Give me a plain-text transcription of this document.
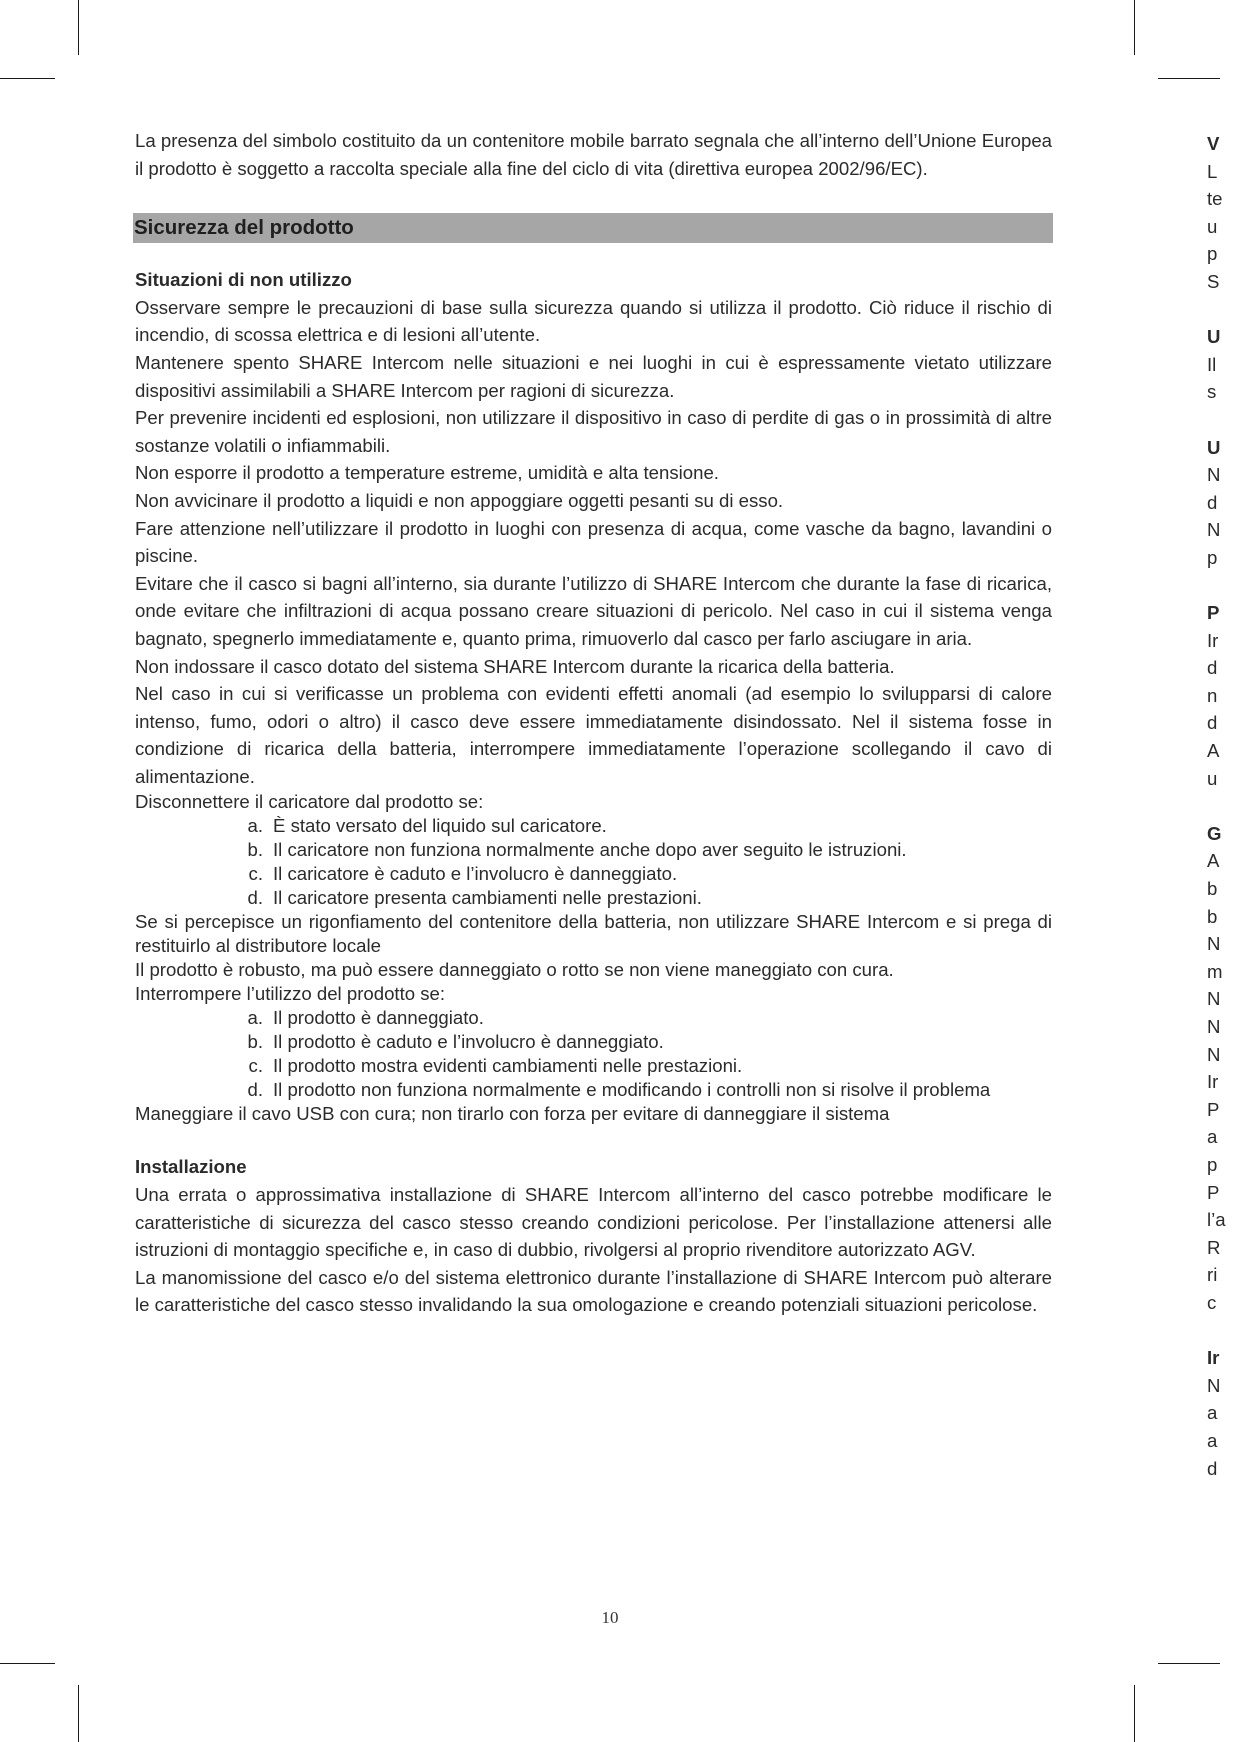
La presenza del simbolo costituito da un contenitore mobile barrato segnala che all’interno dell’Unione Europea il prodotto è soggetto a raccolta speciale alla fine del ciclo di vita (direttiva europea 2002/96/EC).

Sicurezza del prodotto

Situazioni di non utilizzo

Osservare sempre le precauzioni di base sulla sicurezza quando si utilizza il prodotto. Ciò riduce il rischio di incendio, di scossa elettrica e di lesioni all’utente.

Mantenere spento SHARE Intercom nelle situazioni e nei luoghi in cui è espressamente vietato utilizzare dispositivi assimilabili a SHARE Intercom per ragioni di sicurezza.

Per prevenire incidenti ed esplosioni, non utilizzare il dispositivo in caso di perdite di gas o in prossimità di altre sostanze volatili o infiammabili.

Non esporre il prodotto a temperature estreme, umidità e alta tensione.

Non avvicinare il prodotto a liquidi e non appoggiare oggetti pesanti su di esso.

Fare attenzione nell’utilizzare il prodotto in luoghi con presenza di acqua, come vasche da bagno, lavandini o piscine.

Evitare che il casco si bagni all’interno, sia durante l’utilizzo di SHARE Intercom che durante la fase di ricarica, onde evitare che infiltrazioni di acqua possano creare situazioni di pericolo. Nel caso in cui il sistema venga bagnato, spegnerlo immediatamente e, quanto prima, rimuoverlo dal casco per farlo asciugare in aria.

Non indossare il casco dotato del sistema SHARE Intercom durante la ricarica della batteria.

Nel caso in cui si verificasse un problema con evidenti effetti anomali (ad esempio lo svilupparsi di calore intenso, fumo, odori o altro) il casco deve essere immediatamente disindossato. Nel il sistema fosse in condizione di ricarica della batteria, interrompere immediatamente l’operazione scollegando il cavo di alimentazione.

Disconnettere il caricatore dal prodotto se:

a. È stato versato del liquido sul caricatore.
b. Il caricatore non funziona normalmente anche dopo aver seguito le istruzioni.
c. Il caricatore è caduto e l’involucro è danneggiato.
d. Il caricatore presenta cambiamenti nelle prestazioni.

Se si percepisce un rigonfiamento del contenitore della batteria, non utilizzare SHARE Intercom e si prega di restituirlo al distributore locale

Il prodotto è robusto, ma può essere danneggiato o rotto se non viene maneggiato con cura.

Interrompere l’utilizzo del prodotto se:

a. Il prodotto è danneggiato.
b. Il prodotto è caduto e l’involucro è danneggiato.
c. Il prodotto mostra evidenti cambiamenti nelle prestazioni.
d. Il prodotto non funziona normalmente e modificando i controlli non si risolve il problema

Maneggiare il cavo USB con cura; non tirarlo con forza per evitare di danneggiare il sistema

Installazione

Una errata o approssimativa installazione di SHARE Intercom all’interno del casco potrebbe modificare le caratteristiche di sicurezza del casco stesso creando condizioni pericolose. Per l’installazione attenersi alle istruzioni di montaggio specifiche e, in caso di dubbio, rivolgersi al proprio rivenditore autorizzato AGV.

La manomissione del casco e/o del sistema elettronico durante l’installazione di SHARE Intercom può alterare le caratteristiche del casco stesso invalidando la sua omologazione e creando potenziali situazioni pericolose.

10
V
L
te
u
p
S

U
Il
s

U
N
d
N
p

P
Ir
d
n
d
A
u

G
A
b
b
N
m
N
N
N
Ir
P
a
p
P
l’a
R
ri
c

Ir
N
a
a
d
